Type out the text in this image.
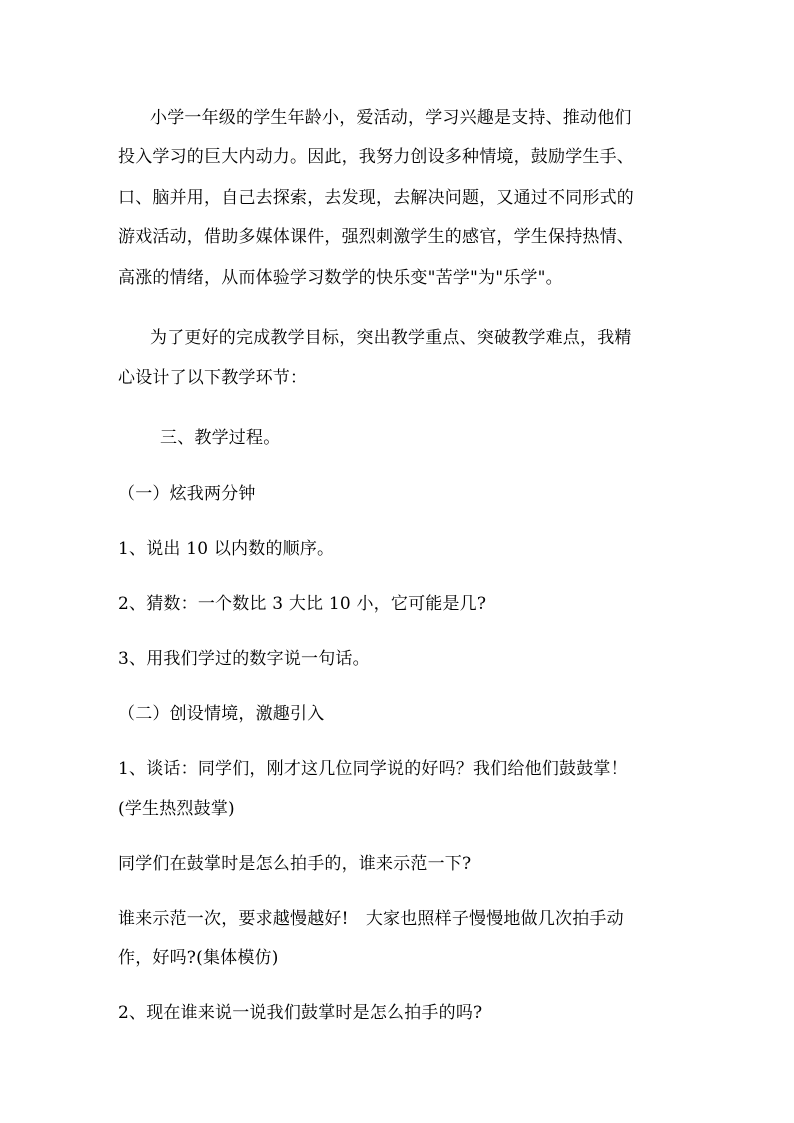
小学一年级的学生年龄小，爱活动，学习兴趣是支持、推动他们
投入学习的巨大内动力。因此，我努力创设多种情境，鼓励学生手、
口、脑并用，自己去探索，去发现，去解决问题，又通过不同形式的
游戏活动，借助多媒体课件，强烈刺激学生的感官，学生保持热情、
高涨的情绪，从而体验学习数学的快乐变"苦学"为"乐学"。
为了更好的完成教学目标，突出教学重点、突破教学难点，我精
心设计了以下教学环节：
三、教学过程。
（一）炫我两分钟
1、说出 10 以内数的顺序。
2、猜数：一个数比 3 大比 10 小，它可能是几?
3、用我们学过的数字说一句话。
（二）创设情境，激趣引入
1、谈话：同学们，刚才这几位同学说的好吗？我们给他们鼓鼓掌！
(学生热烈鼓掌)
同学们在鼓掌时是怎么拍手的，谁来示范一下?
谁来示范一次，要求越慢越好!　大家也照样子慢慢地做几次拍手动
作，好吗?(集体模仿)
2、现在谁来说一说我们鼓掌时是怎么拍手的吗?
